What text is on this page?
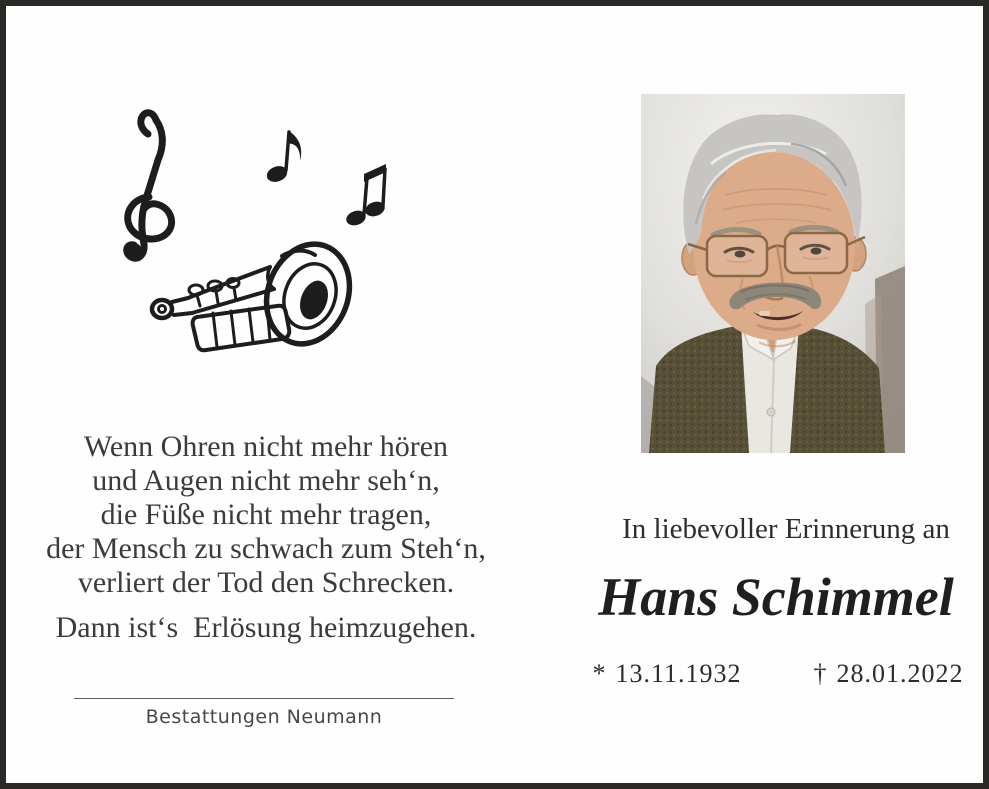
Wenn Ohren nicht mehr hören
und Augen nicht mehr seh‘n,
die Füße nicht mehr tragen,
der Mensch zu schwach zum Steh‘n,
verliert der Tod den Schrecken.
Dann ist‘s  Erlösung heimzugehen.
Bestattungen Neumann
In liebevoller Erinnerung an
Hans Schimmel
* 13.11.1932	† 28.01.2022
